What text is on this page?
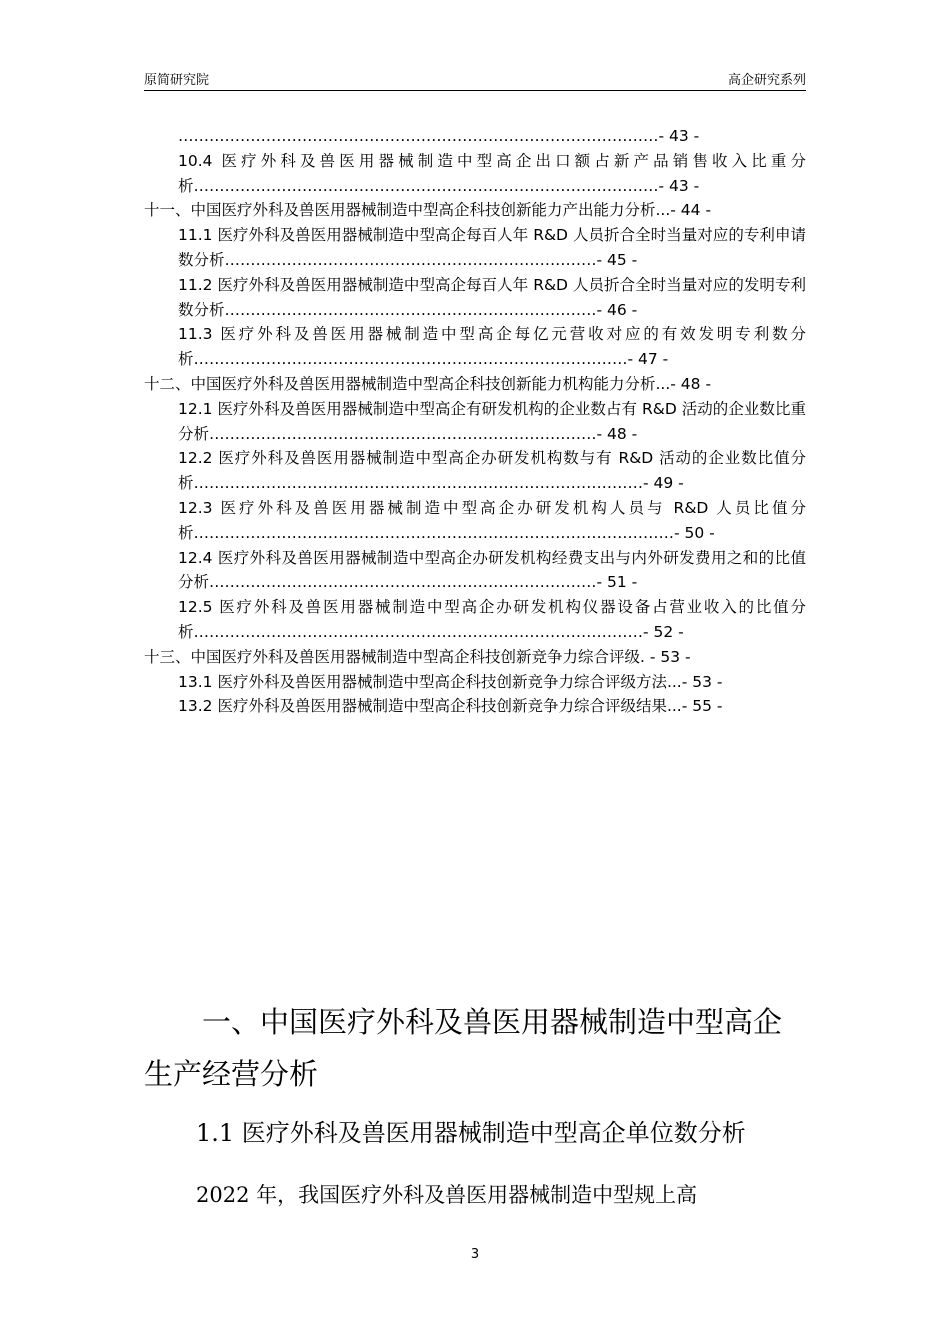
原简研究院	高企研究系列
…………………………………………………………………………………- 43 -
10.4 医疗外科及兽医用器械制造中型高企出口额占新产品销售收入比重分析………………………………………………………………………………- 43 -
十一、中国医疗外科及兽医用器械制造中型高企科技创新能力产出能力分析...- 44 -
11.1 医疗外科及兽医用器械制造中型高企每百人年 R&D 人员折合全时当量对应的专利申请数分析………………………………………………………………- 45 -
11.2 医疗外科及兽医用器械制造中型高企每百人年 R&D 人员折合全时当量对应的发明专利数分析………………………………………………………………- 46 -
11.3 医疗外科及兽医用器械制造中型高企每亿元营收对应的有效发明专利数分析…………………………………………………………………………- 47 -
十二、中国医疗外科及兽医用器械制造中型高企科技创新能力机构能力分析...- 48 -
12.1 医疗外科及兽医用器械制造中型高企有研发机构的企业数占有 R&D 活动的企业数比重分析…………………………………………………………………- 48 -
12.2 医疗外科及兽医用器械制造中型高企办研发机构数与有 R&D 活动的企业数比值分析……………………………………………………………………………- 49 -
12.3 医疗外科及兽医用器械制造中型高企办研发机构人员与 R&D 人员比值分析…………………………………………………………………………………- 50 -
12.4 医疗外科及兽医用器械制造中型高企办研发机构经费支出与内外研发费用之和的比值分析…………………………………………………………………- 51 -
12.5 医疗外科及兽医用器械制造中型高企办研发机构仪器设备占营业收入的比值分析……………………………………………………………………………- 52 -
十三、中国医疗外科及兽医用器械制造中型高企科技创新竞争力综合评级. - 53 -
13.1 医疗外科及兽医用器械制造中型高企科技创新竞争力综合评级方法...- 53 -
13.2 医疗外科及兽医用器械制造中型高企科技创新竞争力综合评级结果...- 55 -
一、中国医疗外科及兽医用器械制造中型高企生产经营分析
1.1 医疗外科及兽医用器械制造中型高企单位数分析

2022 年，我国医疗外科及兽医用器械制造中型规上高

3
